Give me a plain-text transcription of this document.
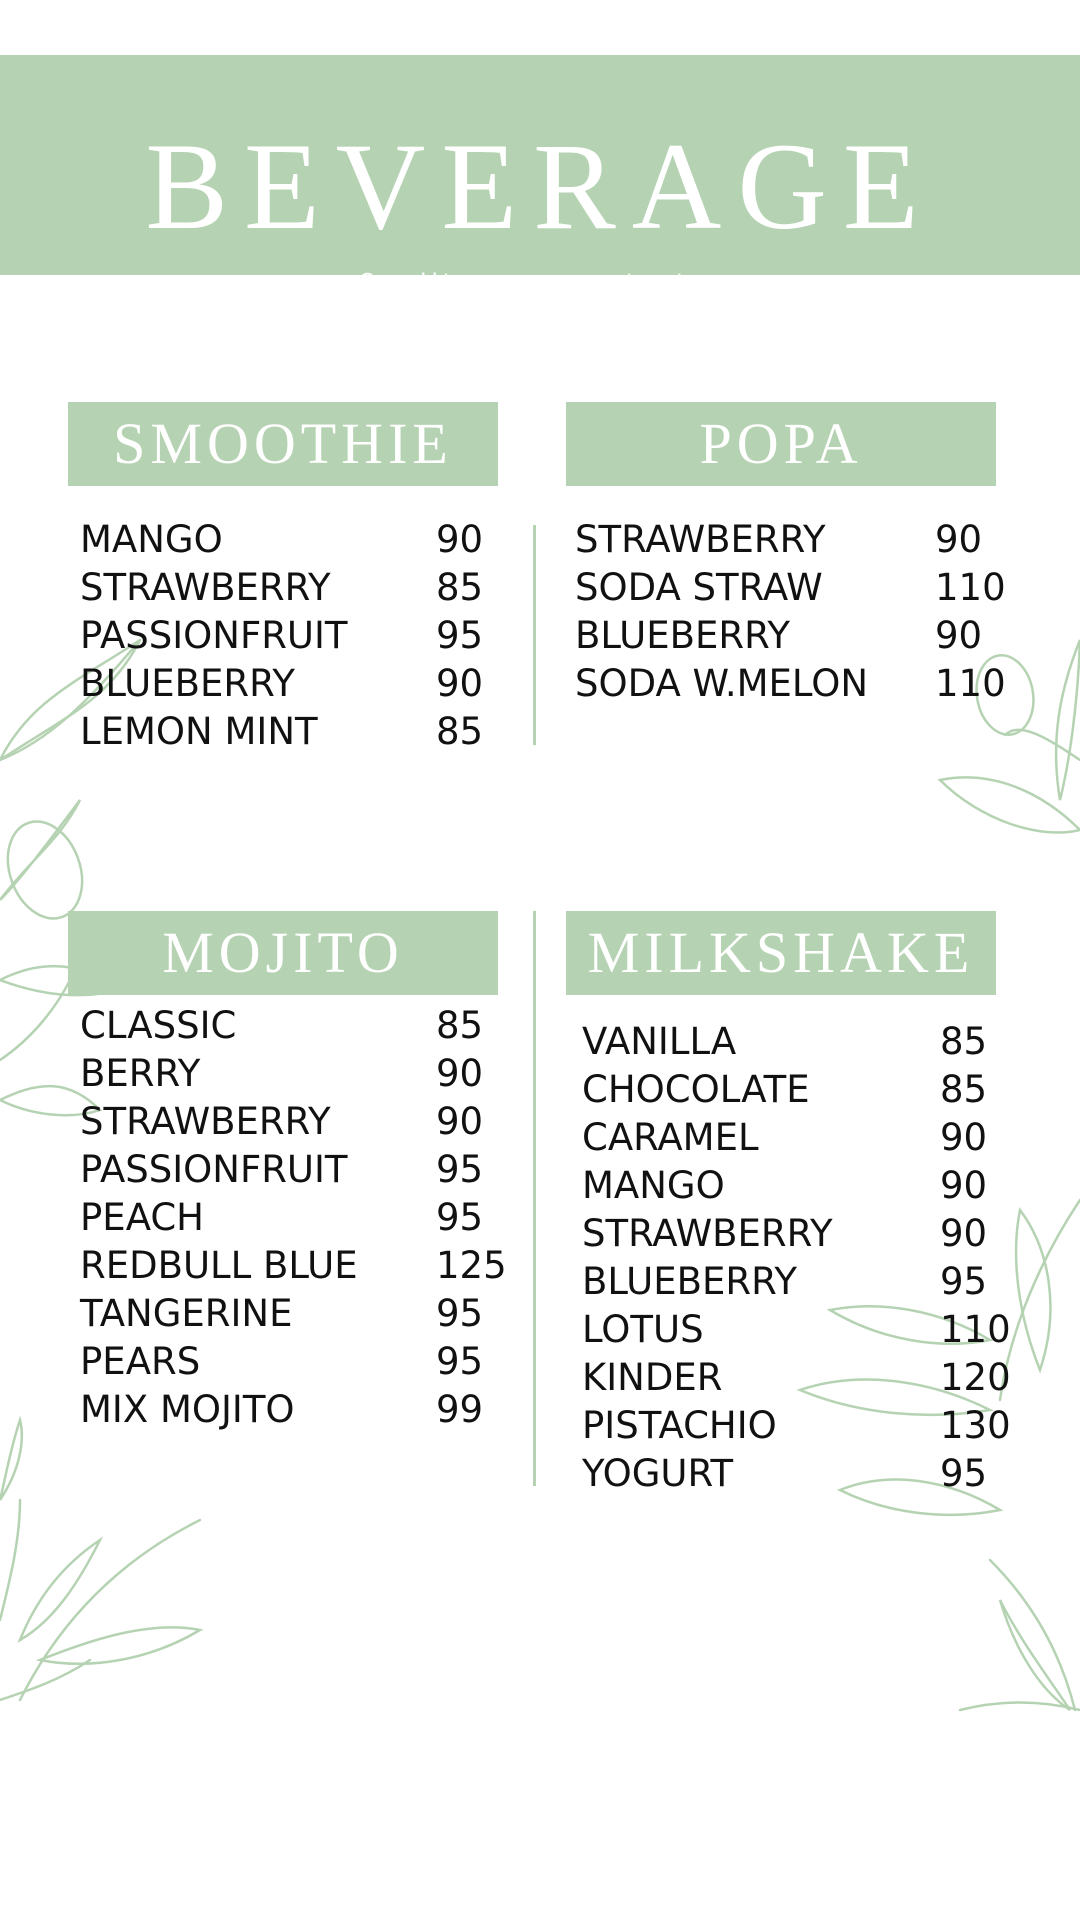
BEVERAGE
Quality you can taste.
SMOOTHIE	POPA
MOJITO	MILKSHAKE
MANGO	90
STRAWBERRY	85
PASSIONFRUIT 95
BLUEBERRY	90
LEMON MINT	85
STRAWBERRY	90
SODA STRAW	110
BLUEBERRY	90
SODA W.MELON 110
CLASSIC	85
BERRY	90
STRAWBERRY	90
PASSIONFRUIT 95
PEACH	95
REDBULL BLUE 125
TANGERINE	95
PEARS	95
MIX MOJITO	99
VANILLA	85
CHOCOLATE	85
CARAMEL	90
MANGO	90
STRAWBERRY	90
BLUEBERRY	95
LOTUS	110
KINDER	120
PISTACHIO	130
YOGURT	95
